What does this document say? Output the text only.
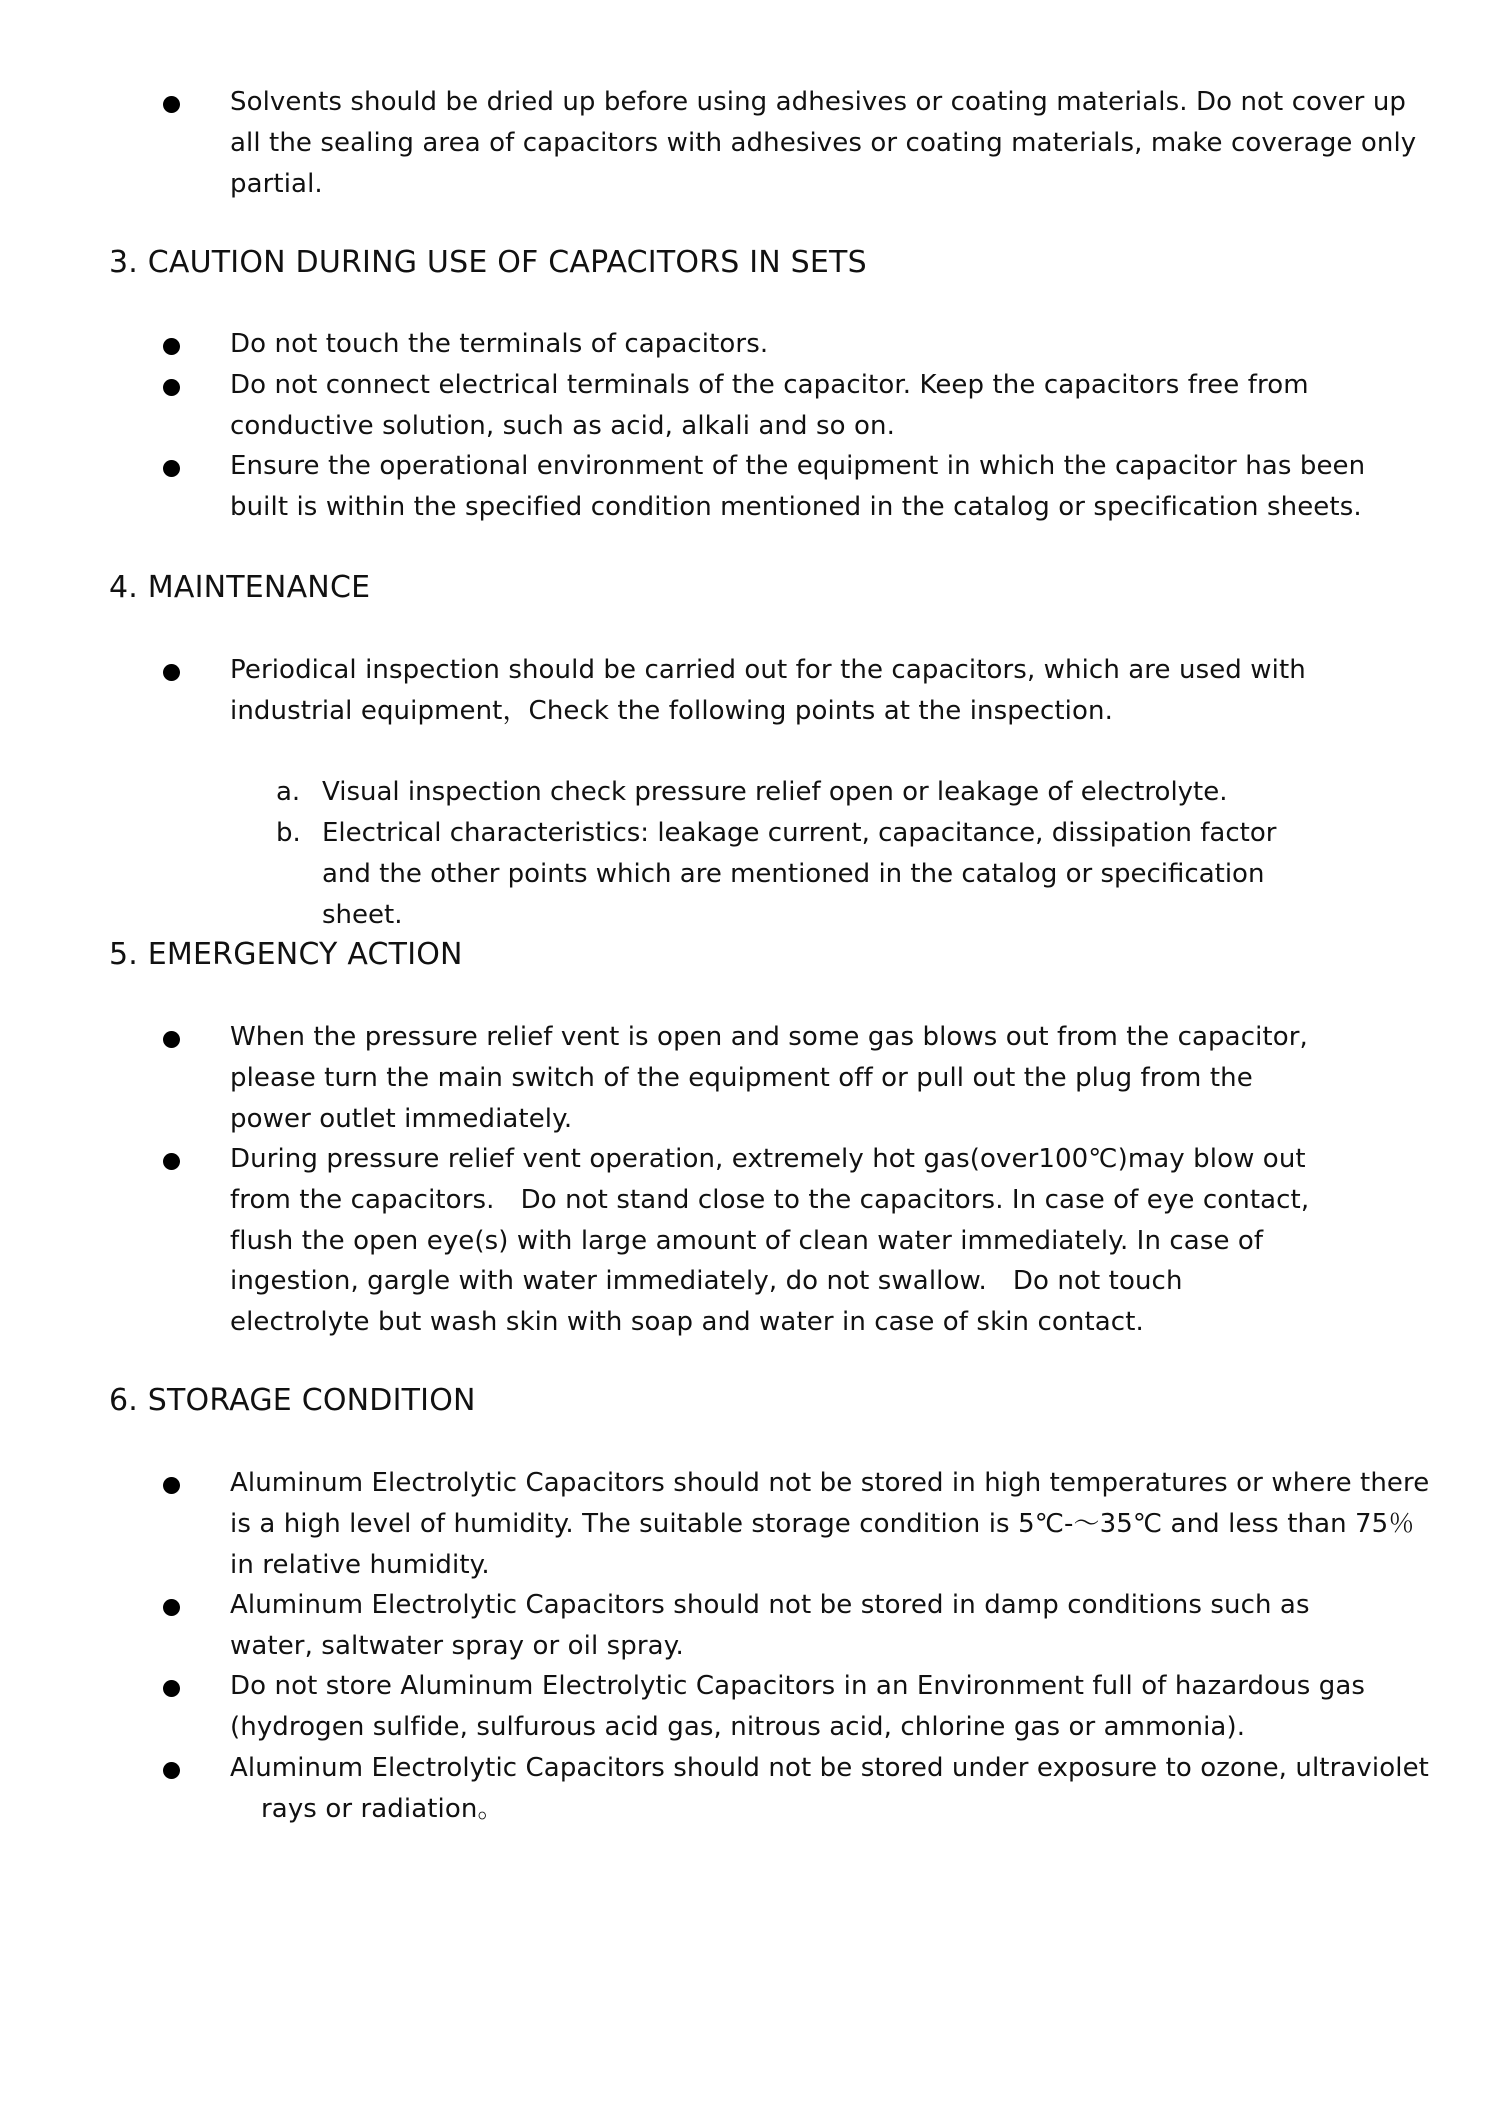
Solvents should be dried up before using adhesives or coating materials. Do not cover up all the sealing area of capacitors with adhesives or coating materials, make coverage only partial.
3. CAUTION DURING USE OF CAPACITORS IN SETS
Do not touch the terminals of capacitors.
Do not connect electrical terminals of the capacitor. Keep the capacitors free from conductive solution, such as acid, alkali and so on.
Ensure the operational environment of the equipment in which the capacitor has been built is within the specified condition mentioned in the catalog or specification sheets.
4. MAINTENANCE
Periodical inspection should be carried out for the capacitors, which are used with industrial equipment，Check the following points at the inspection.
a. Visual inspection check pressure relief open or leakage of electrolyte.
b. Electrical characteristics: leakage current, capacitance, dissipation factor and the other points which are mentioned in the catalog or specification sheet.
5. EMERGENCY ACTION
When the pressure relief vent is open and some gas blows out from the capacitor, please turn the main switch of the equipment off or pull out the plug from the power outlet immediately.
During pressure relief vent operation, extremely hot gas(over100℃)may blow out from the capacitors.　Do not stand close to the capacitors. In case of eye contact, flush the open eye(s) with large amount of clean water immediately. In case of ingestion, gargle with water immediately, do not swallow.　Do not touch electrolyte but wash skin with soap and water in case of skin contact.
6. STORAGE CONDITION
Aluminum Electrolytic Capacitors should not be stored in high temperatures or where there is a high level of humidity. The suitable storage condition is 5℃-～35℃ and less than 75％ in relative humidity.
Aluminum Electrolytic Capacitors should not be stored in damp conditions such as water, saltwater spray or oil spray.
Do not store Aluminum Electrolytic Capacitors in an Environment full of hazardous gas (hydrogen sulfide, sulfurous acid gas, nitrous acid, chlorine gas or ammonia).
Aluminum Electrolytic Capacitors should not be stored under exposure to ozone, ultraviolet
rays or radiation。
